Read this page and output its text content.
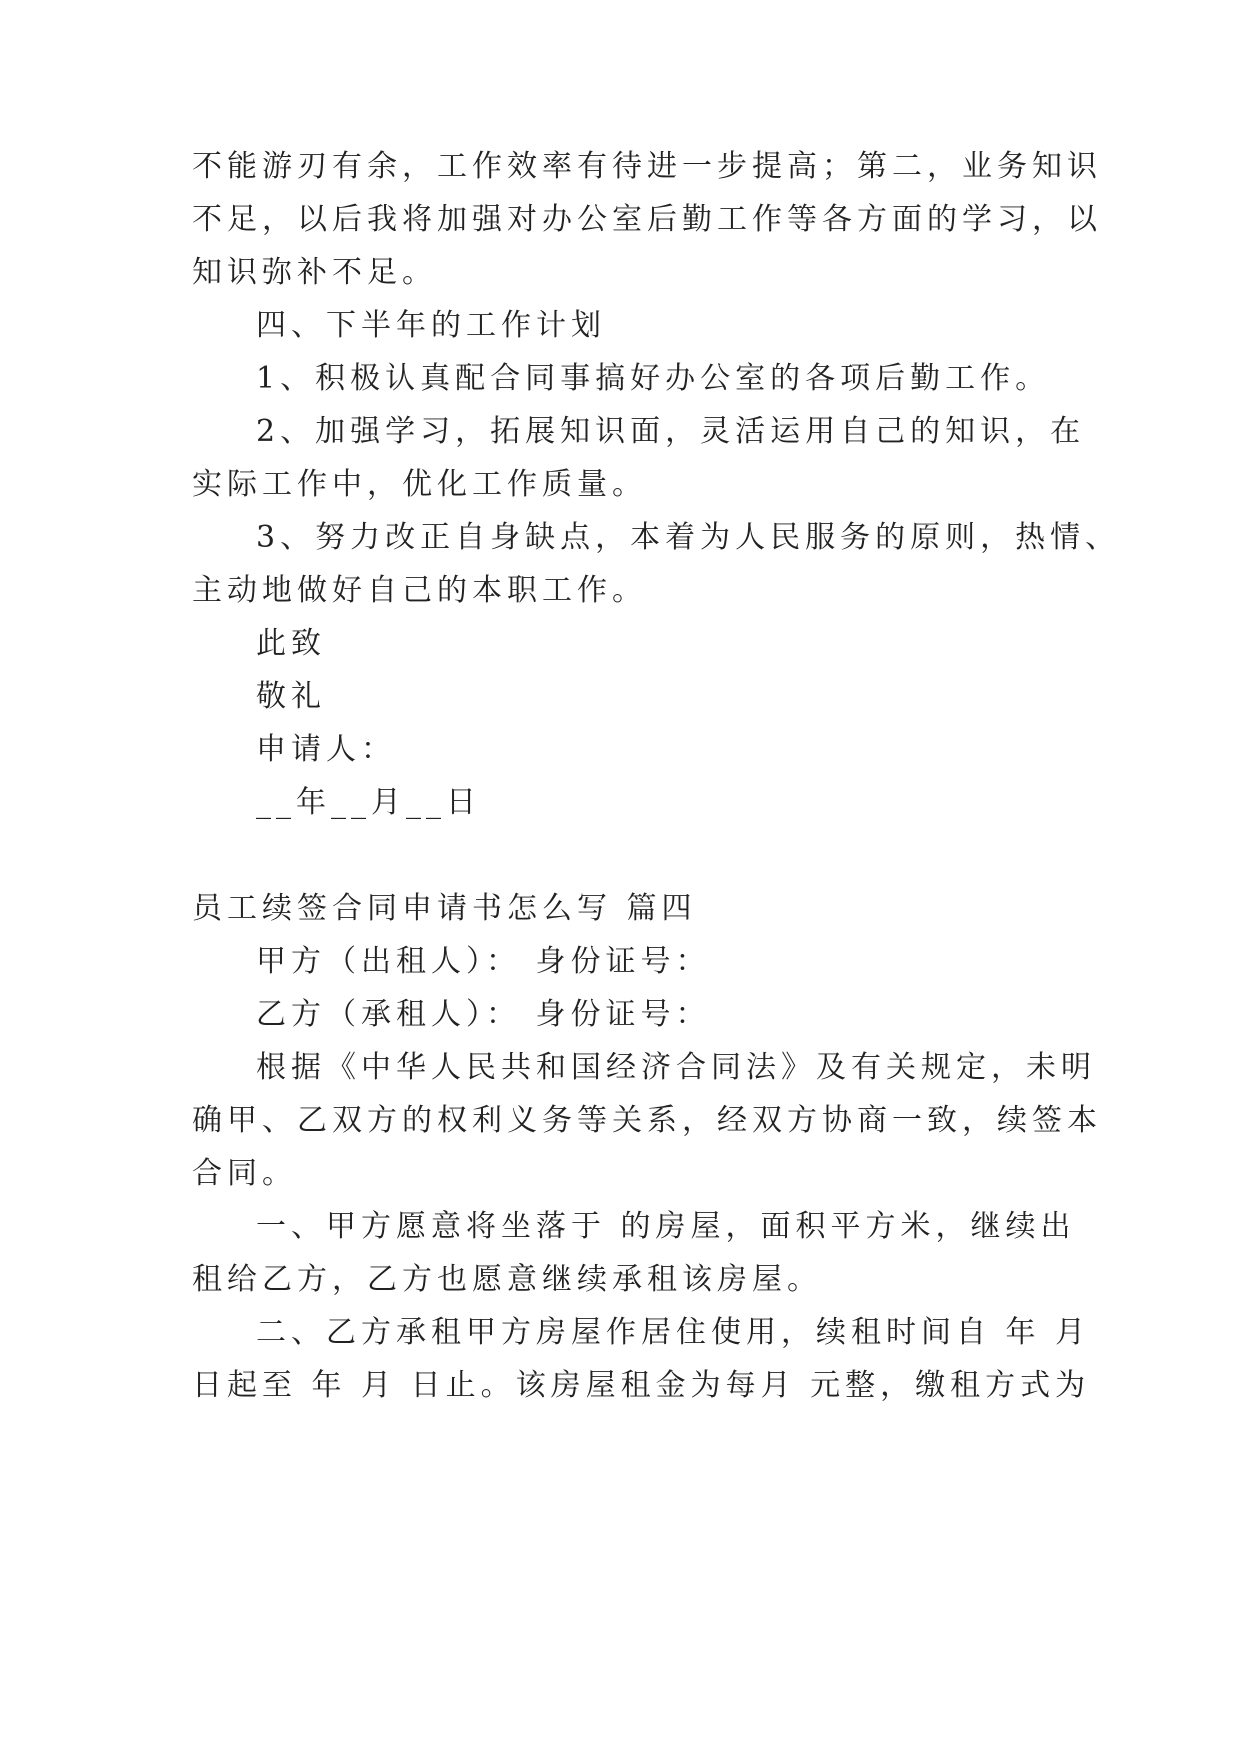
不能游刃有余，工作效率有待进一步提高；第二，业务知识
不足，以后我将加强对办公室后勤工作等各方面的学习，以
知识弥补不足。
四、下半年的工作计划
1、积极认真配合同事搞好办公室的各项后勤工作。
2、加强学习，拓展知识面，灵活运用自己的知识，在
实际工作中，优化工作质量。
3、努力改正自身缺点，本着为人民服务的原则，热情、
主动地做好自己的本职工作。
此致
敬礼
申请人：
__年__月__日
员工续签合同申请书怎么写 篇四
甲方（出租人）： 身份证号：
乙方（承租人）： 身份证号：
根据《中华人民共和国经济合同法》及有关规定，未明
确甲、乙双方的权利义务等关系，经双方协商一致，续签本
合同。
一、甲方愿意将坐落于 的房屋，面积平方米，继续出
租给乙方，乙方也愿意继续承租该房屋。
二、乙方承租甲方房屋作居住使用，续租时间自 年 月
日起至 年 月 日止。该房屋租金为每月 元整，缴租方式为
